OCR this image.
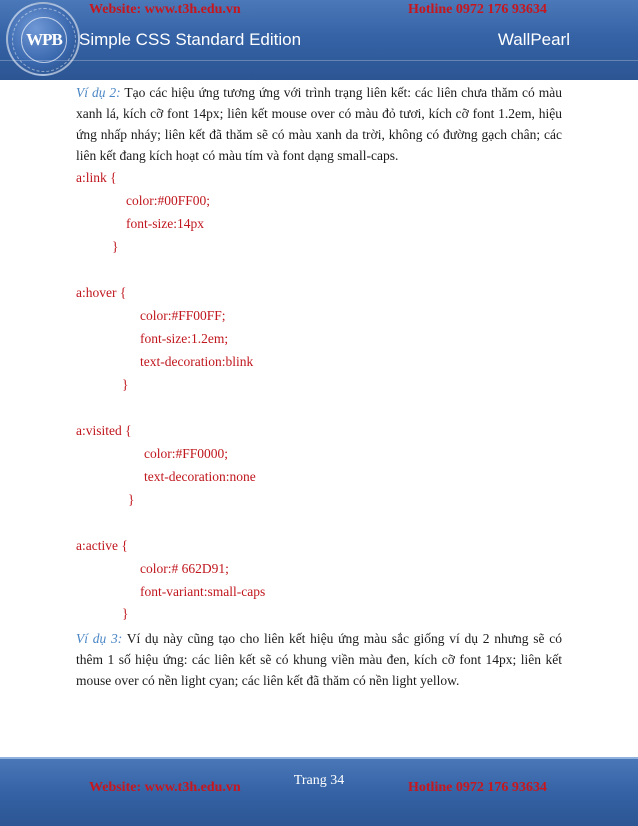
WPB
Website: www.t3h.edu.vn	Hotline 0972 176 93634
Simple CSS Standard Edition	WallPearl

Ví dụ 2: Tạo các hiệu ứng tương ứng với trình trạng liên kết: các liên chưa thăm có màu xanh lá, kích cỡ font 14px; liên kết mouse over có màu đỏ tươi, kích cỡ font 1.2em, hiệu ứng nhấp nháy; liên kết đã thăm sẽ có màu xanh da trời, không có đường gạch chân; các liên kết đang kích hoạt có màu tím và font dạng small-caps.

a:link {
color:#00FF00;
font-size:14px
}
a:hover {
color:#FF00FF;
font-size:1.2em;
text-decoration:blink
}
a:visited {
color:#FF0000;
text-decoration:none
}
a:active {
color:# 662D91;
font-variant:small-caps
}

Ví dụ 3: Ví dụ này cũng tạo cho liên kết hiệu ứng màu sắc giống ví dụ 2 nhưng sẽ có thêm 1 số hiệu ứng: các liên kết sẽ có khung viền màu đen, kích cỡ font 14px; liên kết mouse over có nền light cyan; các liên kết đã thăm có nền light yellow.

Trang 34
Website: www.t3h.edu.vn	Hotline 0972 176 93634
